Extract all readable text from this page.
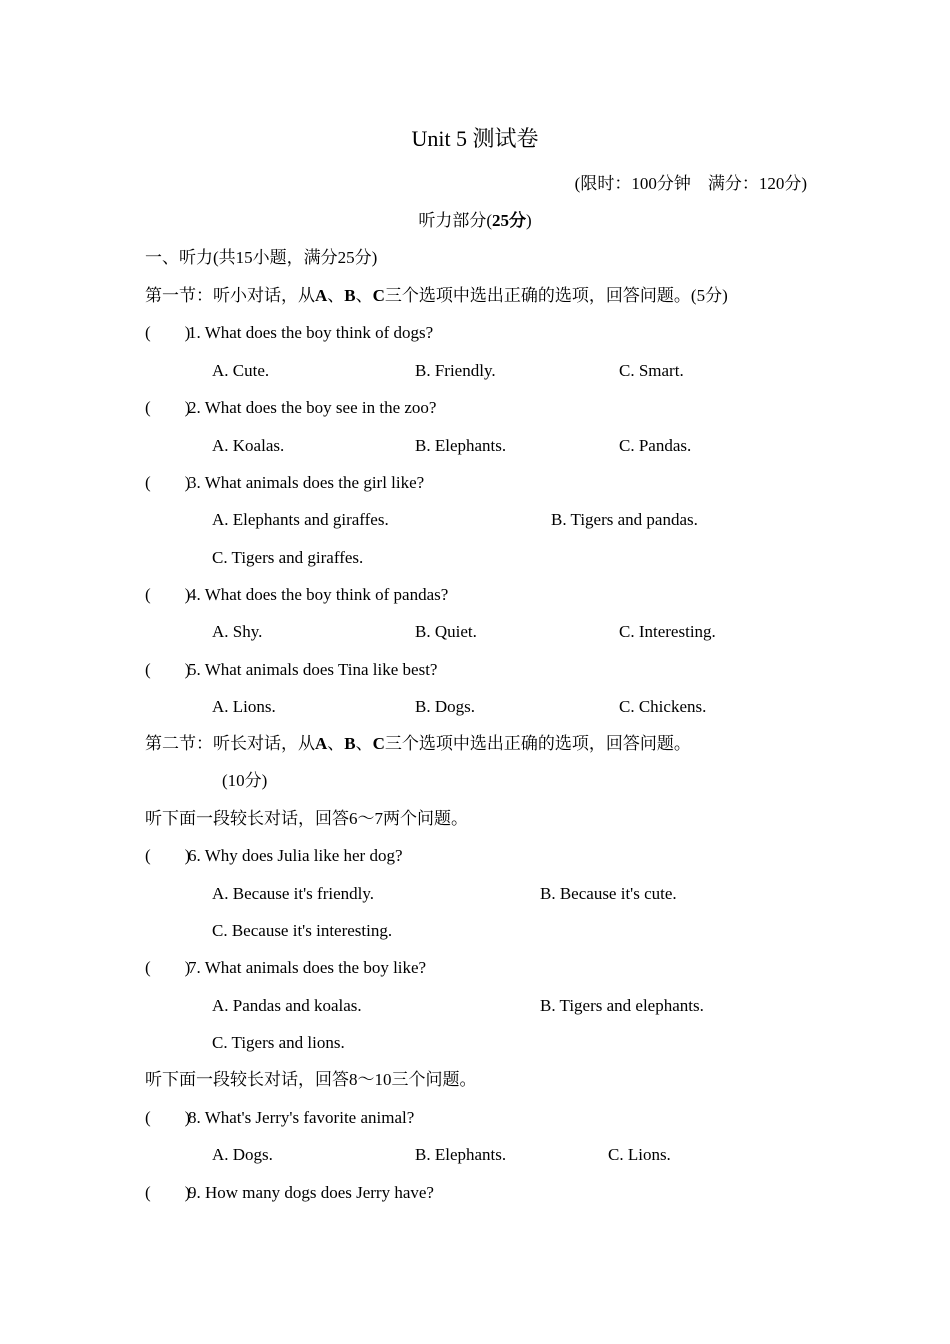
Unit 5 测试卷
(限时：100分钟　满分：120分)
听力部分(25分)
一、听力(共15小题，满分25分)
第一节：听小对话，从A、B、C三个选项中选出正确的选项，回答问题。(5分)
(　　)
1. What does the boy think of dogs?
A. Cute.	B. Friendly.	C. Smart.
(　　)
2. What does the boy see in the zoo?
A. Koalas.	B. Elephants.	C. Pandas.
(　　)
3. What animals does the girl like?
A. Elephants and giraffes.	B. Tigers and pandas.
C. Tigers and giraffes.
(　　)
4. What does the boy think of pandas?
A. Shy.	B. Quiet.	C. Interesting.
(　　)
5. What animals does Tina like best?
A. Lions.	B. Dogs.	C. Chickens.
第二节：听长对话，从A、B、C三个选项中选出正确的选项，回答问题。
(10分)
听下面一段较长对话，回答6～7两个问题。
(　　)
6. Why does Julia like her dog?
A. Because it's friendly.	B. Because it's cute.
C. Because it's interesting.
(　　)
7. What animals does the boy like?
A. Pandas and koalas.	B. Tigers and elephants.
C. Tigers and lions.
听下面一段较长对话，回答8～10三个问题。
(　　)
8. What's Jerry's favorite animal?
A. Dogs.	B. Elephants.	C. Lions.
(　　)
9. How many dogs does Jerry have?
